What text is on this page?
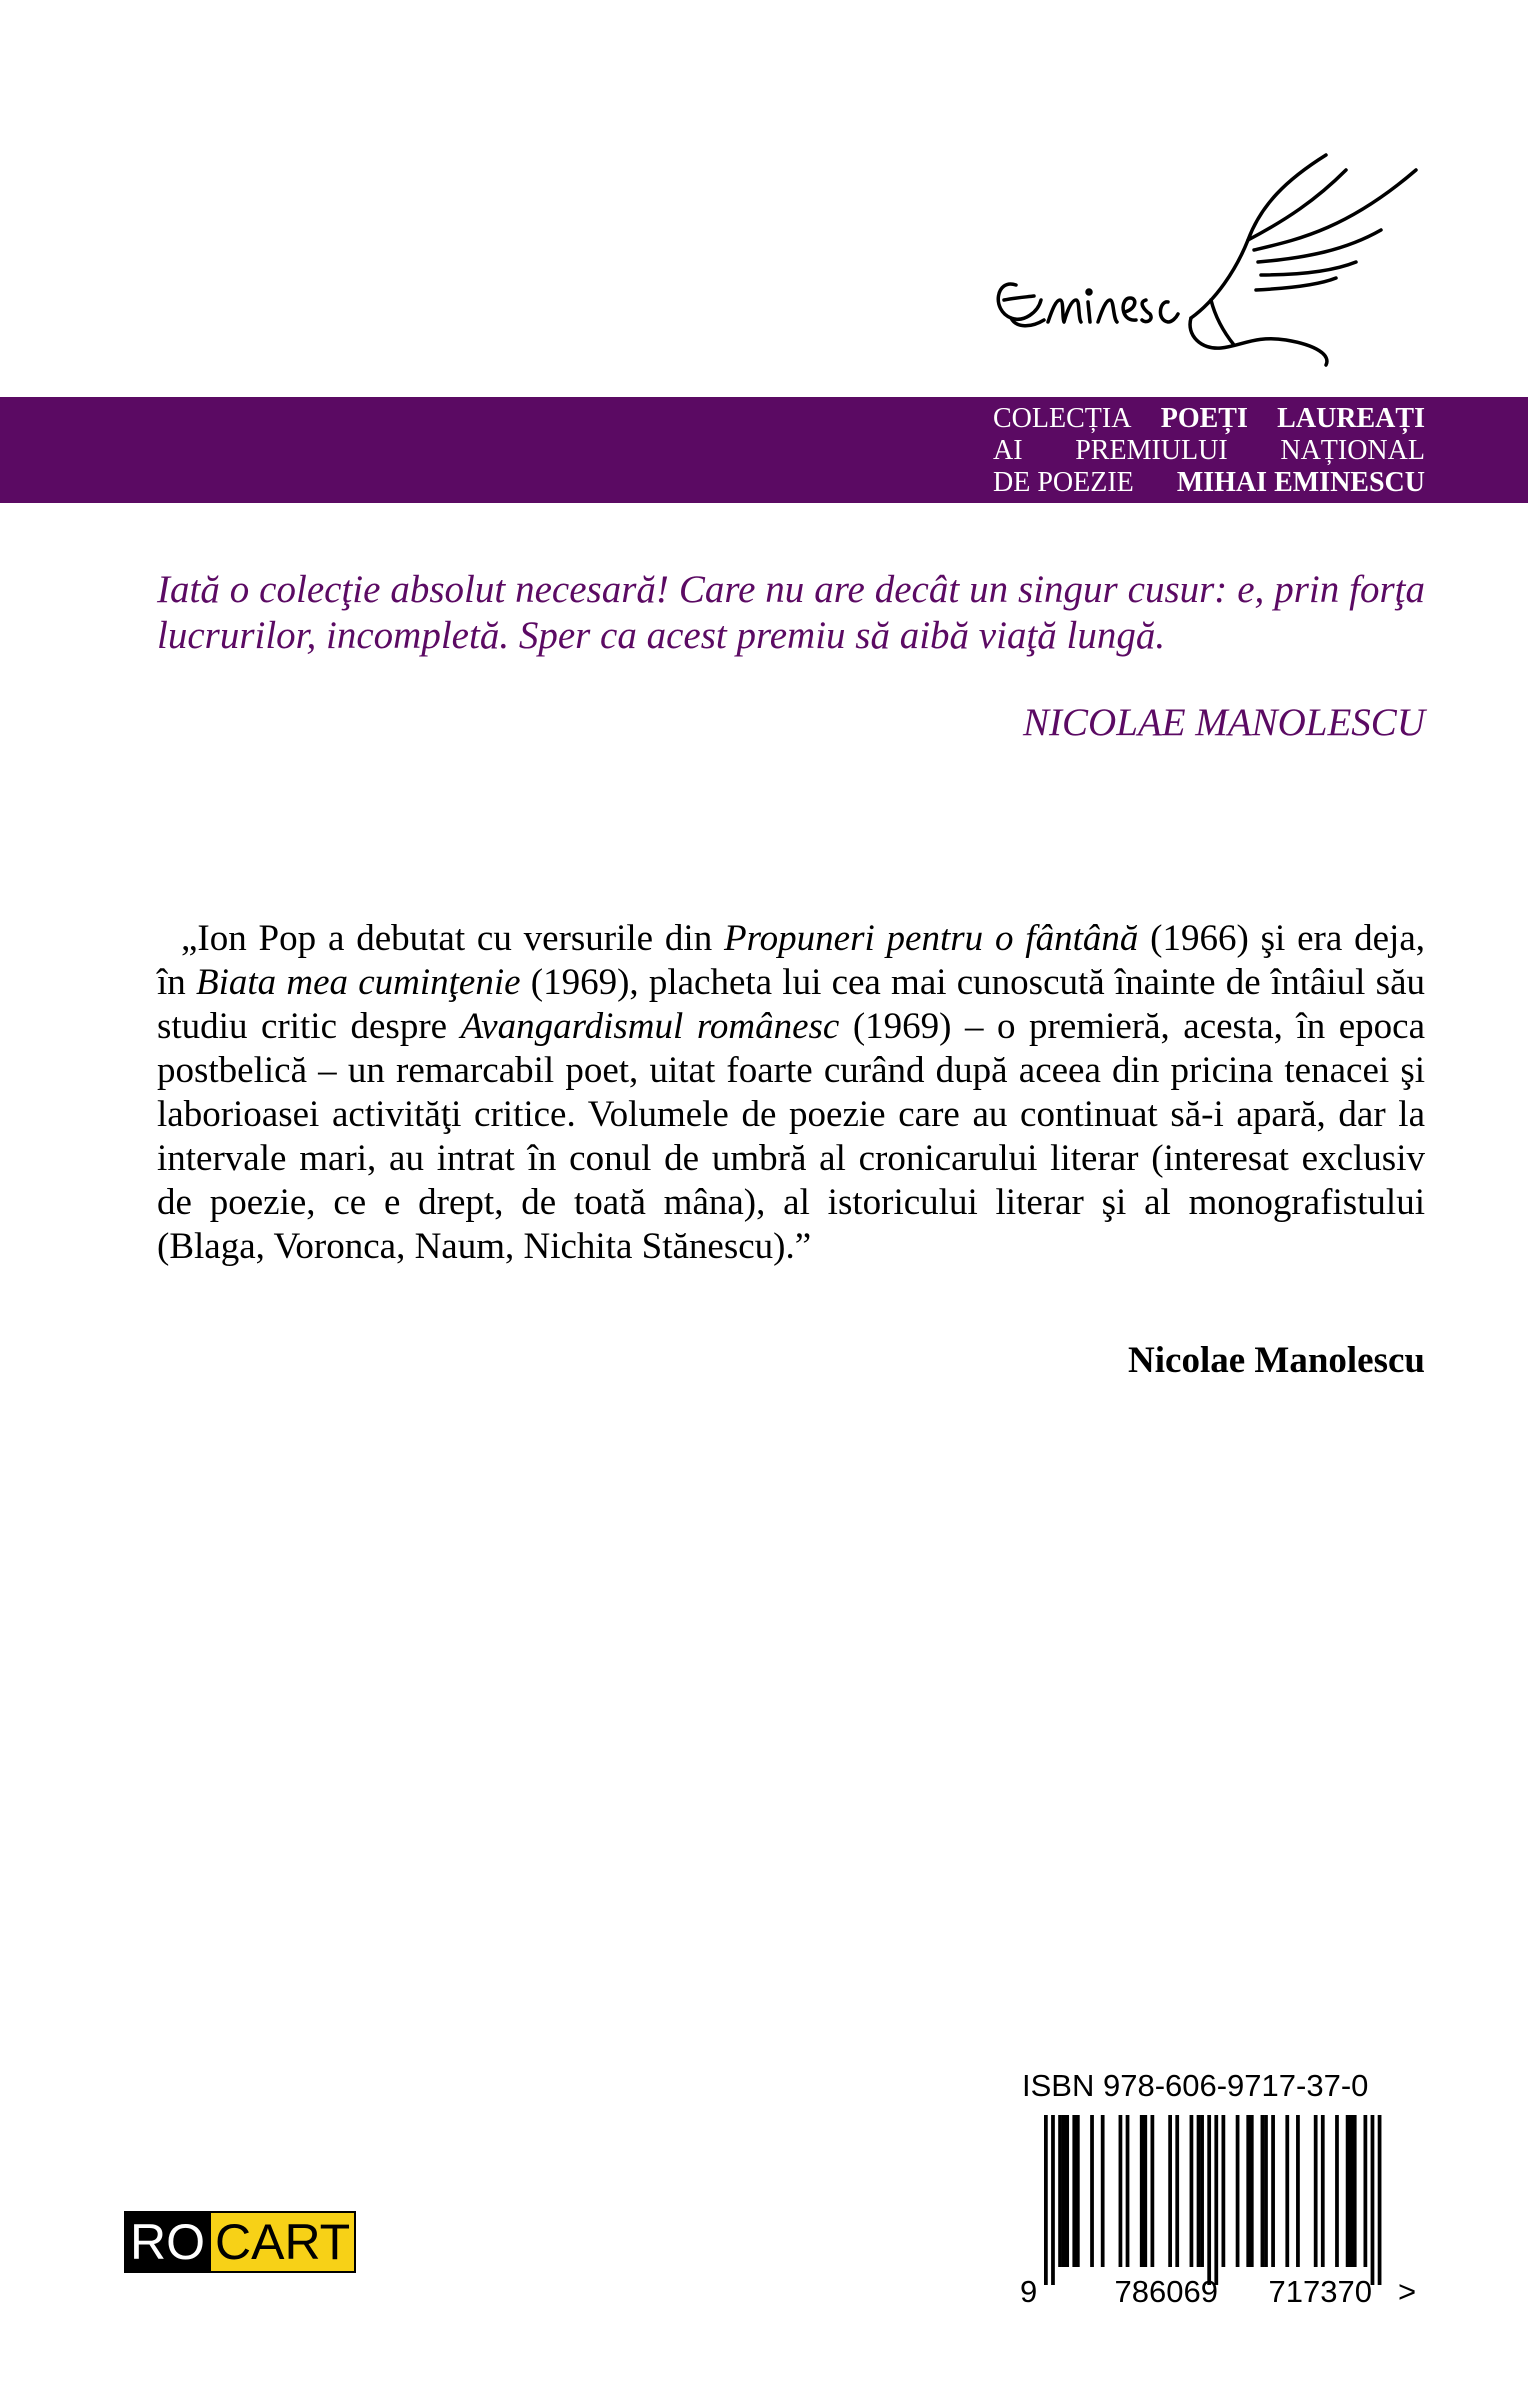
COLECȚIA POEȚI LAUREAȚI
AI PREMIULUI NAȚIONAL
DE POEZIE MIHAI EMINESCU

Iată o colecţie absolut necesară! Care nu are decât un singur cusur: e, prin forţa lucrurilor, incompletă. Sper ca acest premiu să aibă viaţă lungă.

NICOLAE MANOLESCU

„Ion Pop a debutat cu versurile din Propuneri pentru o fântână (1966) şi era deja, în Biata mea cuminţenie (1969), placheta lui cea mai cunoscută înainte de întâiul său studiu critic despre Avangardismul românesc (1969) – o premieră, acesta, în epoca postbelică – un remarcabil poet, uitat foarte curând după aceea din pricina tenacei şi laborioasei activităţi critice. Volumele de poezie care au continuat să-i apară, dar la intervale mari, au intrat în conul de umbră al cronicarului literar (interesat exclusiv de poezie, ce e drept, de toată mâna), al istoricului literar şi al monografistului (Blaga, Voronca, Naum, Nichita Stănescu).”

Nicolae Manolescu
RO CART
ISBN 978-606-9717-37-0
9 786069 717370 >
